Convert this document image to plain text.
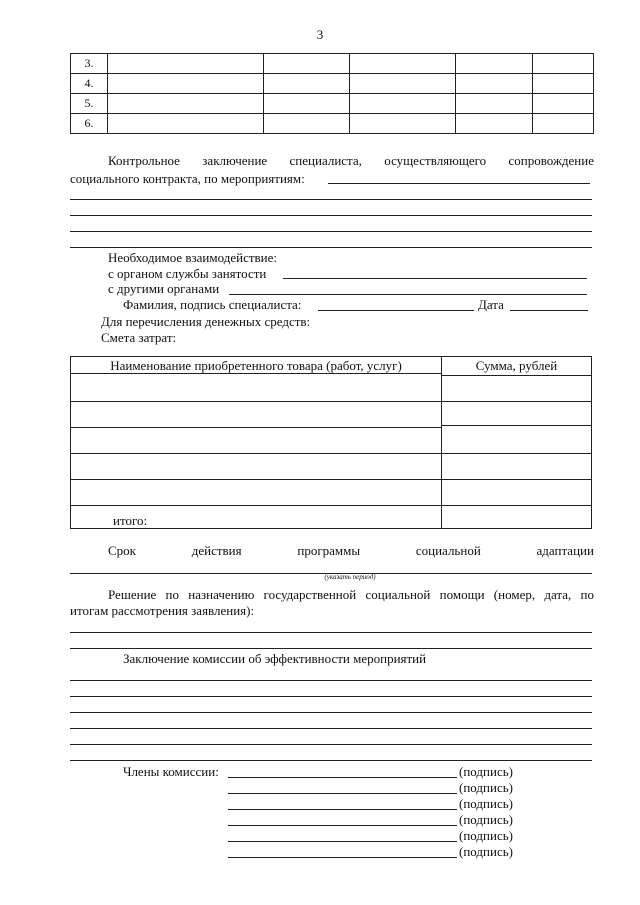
3
3.					
4.					
5.					
6.					
Контрольное заключение специалиста, осуществляющего сопровождение
социального контракта, по мероприятиям:
Необходимое взаимодействие:
с органом службы занятости
с другими органами
Фамилия, подпись специалиста:	Дата
Для перечисления денежных средств:
Смета затрат:
Наименование приобретенного товара (работ, услуг)	Сумма, рублей
итого:
Срок	действия	программы	социальной	адаптации
(указать период)
Решение по назначению государственной социальной помощи (номер, дата, по
итогам рассмотрения заявления):
Заключение комиссии об эффективности мероприятий
Члены комиссии:	(подпись)
(подпись)
(подпись)
(подпись)
(подпись)
(подпись)
